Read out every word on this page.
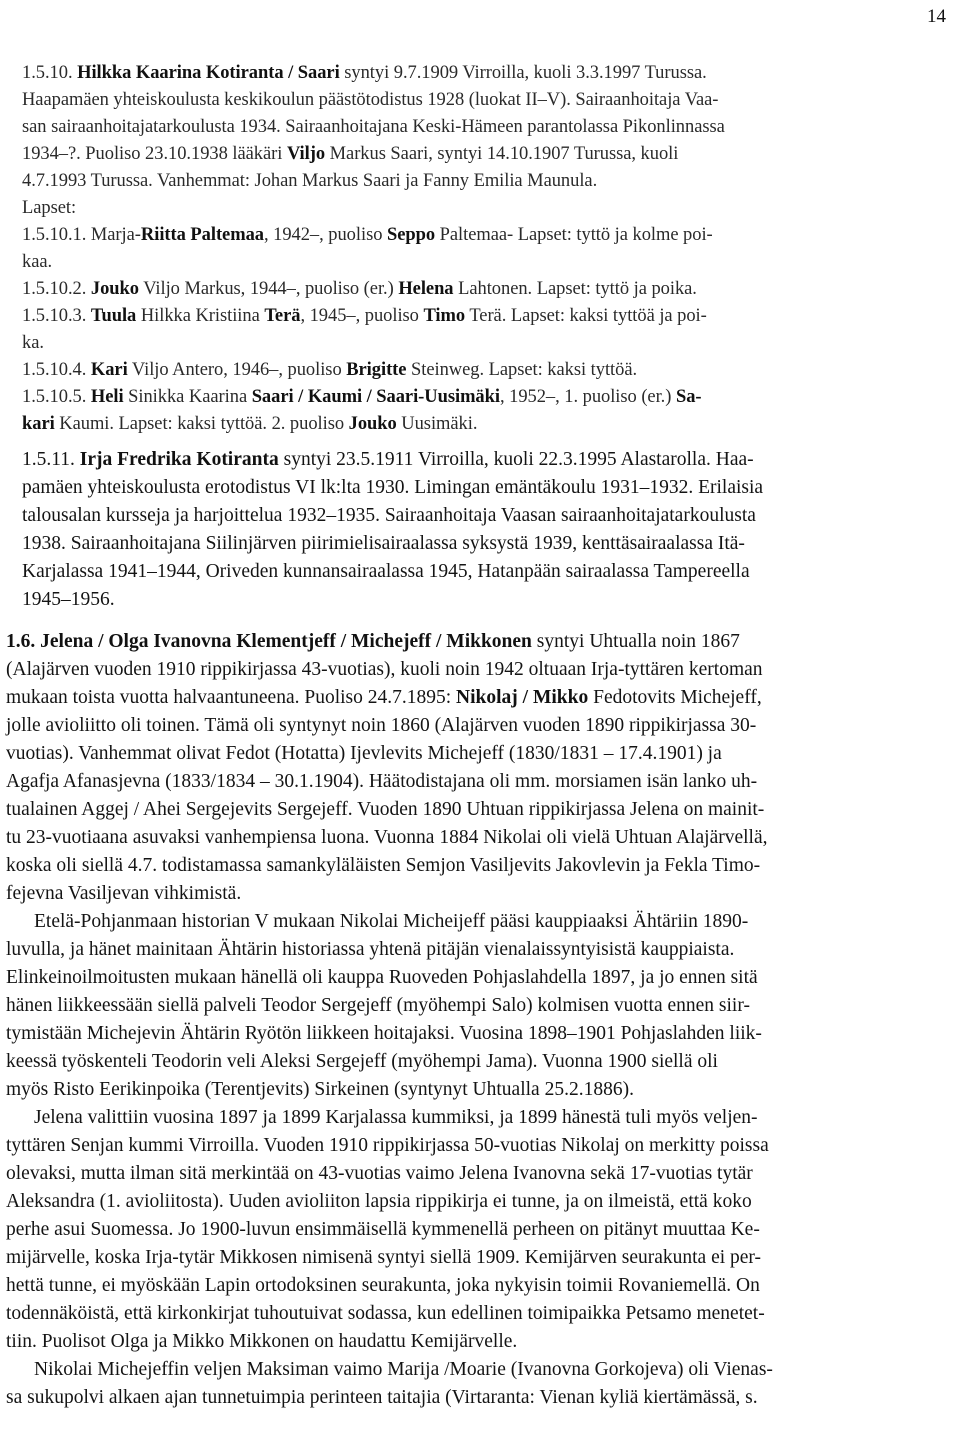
14
1.5.10. Hilkka Kaarina Kotiranta / Saari syntyi 9.7.1909 Virroilla, kuoli 3.3.1997 Turussa.
Haapamäen yhteiskoulusta keskikoulun päästötodistus 1928 (luokat II–V). Sairaanhoitaja Vaa-
san sairaanhoitajatarkoulusta 1934. Sairaanhoitajana Keski-Hämeen parantolassa Pikonlinnassa
1934–?. Puoliso 23.10.1938 lääkäri Viljo Markus Saari, syntyi 14.10.1907 Turussa, kuoli
4.7.1993 Turussa. Vanhemmat: Johan Markus Saari ja Fanny Emilia Maunula.
Lapset:
1.5.10.1. Marja-Riitta Paltemaa, 1942–, puoliso Seppo Paltemaa- Lapset: tyttö ja kolme poi-
kaa.
1.5.10.2. Jouko Viljo Markus, 1944–, puoliso (er.) Helena Lahtonen. Lapset: tyttö ja poika.
1.5.10.3. Tuula Hilkka Kristiina Terä, 1945–, puoliso Timo Terä. Lapset: kaksi tyttöä ja poi-
ka.
1.5.10.4. Kari Viljo Antero, 1946–, puoliso Brigitte Steinweg. Lapset: kaksi tyttöä.
1.5.10.5. Heli Sinikka Kaarina Saari / Kaumi / Saari-Uusimäki, 1952–, 1. puoliso (er.) Sa-
kari Kaumi. Lapset: kaksi tyttöä. 2. puoliso Jouko Uusimäki.
1.5.11. Irja Fredrika Kotiranta syntyi 23.5.1911 Virroilla, kuoli 22.3.1995 Alastarolla. Haa-
pamäen yhteiskoulusta erotodistus VI lk:lta 1930. Limingan emäntäkoulu 1931–1932. Erilaisia
talousalan kursseja ja harjoittelua 1932–1935. Sairaanhoitaja Vaasan sairaanhoitajatarkoulusta
1938. Sairaanhoitajana Siilinjärven piirimielisairaalassa syksystä 1939, kenttäsairaalassa Itä-
Karjalassa 1941–1944, Oriveden kunnansairaalassa 1945, Hatanpään sairaalassa Tampereella
1945–1956.
1.6. Jelena / Olga Ivanovna Klementjeff / Michejeff / Mikkonen syntyi Uhtualla noin 1867
(Alajärven vuoden 1910 rippikirjassa 43-vuotias), kuoli noin 1942 oltuaan Irja-tyttären kertoman
mukaan toista vuotta halvaantuneena. Puoliso 24.7.1895: Nikolaj / Mikko Fedotovits Michejeff,
jolle avioliitto oli toinen. Tämä oli syntynyt noin 1860 (Alajärven vuoden 1890 rippikirjassa 30-
vuotias). Vanhemmat olivat Fedot (Hotatta) Ijevlevits Michejeff (1830/1831 – 17.4.1901) ja
Agafja Afanasjevna (1833/1834 – 30.1.1904). Häätodistajana oli mm. morsiamen isän lanko uh-
tualainen Aggej / Ahei Sergejevits Sergejeff. Vuoden 1890 Uhtuan rippikirjassa Jelena on mainit-
tu 23-vuotiaana asuvaksi vanhempiensa luona. Vuonna 1884 Nikolai oli vielä Uhtuan Alajärvellä,
koska oli siellä 4.7. todistamassa samankyläläisten Semjon Vasiljevits Jakovlevin ja Fekla Timo-
fejevna Vasiljevan vihkimistä.
Etelä-Pohjanmaan historian V mukaan Nikolai Micheijeff pääsi kauppiaaksi Ähtäriin 1890-
luvulla, ja hänet mainitaan Ähtärin historiassa yhtenä pitäjän vienalaissyntyisistä kauppiaista.
Elinkeinoilmoitusten mukaan hänellä oli kauppa Ruoveden Pohjaslahdella 1897, ja jo ennen sitä
hänen liikkeessään siellä palveli Teodor Sergejeff (myöhempi Salo) kolmisen vuotta ennen siir-
tymistään Michejevin Ähtärin Ryötön liikkeen hoitajaksi. Vuosina 1898–1901 Pohjaslahden liik-
keessä työskenteli Teodorin veli Aleksi Sergejeff (myöhempi Jama). Vuonna 1900 siellä oli
myös Risto Eerikinpoika (Terentjevits) Sirkeinen (syntynyt Uhtualla 25.2.1886).
Jelena valittiin vuosina 1897 ja 1899 Karjalassa kummiksi, ja 1899 hänestä tuli myös veljen-
tyttären Senjan kummi Virroilla. Vuoden 1910 rippikirjassa 50-vuotias Nikolaj on merkitty poissa
olevaksi, mutta ilman sitä merkintää on 43-vuotias vaimo Jelena Ivanovna sekä 17-vuotias tytär
Aleksandra (1. avioliitosta). Uuden avioliiton lapsia rippikirja ei tunne, ja on ilmeistä, että koko
perhe asui Suomessa. Jo 1900-luvun ensimmäisellä kymmenellä perheen on pitänyt muuttaa Ke-
mijärvelle, koska Irja-tytär Mikkosen nimisenä syntyi siellä 1909. Kemijärven seurakunta ei per-
hettä tunne, ei myöskään Lapin ortodoksinen seurakunta, joka nykyisin toimii Rovaniemellä. On
todennäköistä, että kirkonkirjat tuhoutuivat sodassa, kun edellinen toimipaikka Petsamo menetet-
tiin. Puolisot Olga ja Mikko Mikkonen on haudattu Kemijärvelle.
Nikolai Michejeffin veljen Maksiman vaimo Marija /Moarie (Ivanovna Gorkojeva) oli Vienas-
sa sukupolvi alkaen ajan tunnetuimpia perinteen taitajia (Virtaranta: Vienan kyliä kiertämässä, s.
